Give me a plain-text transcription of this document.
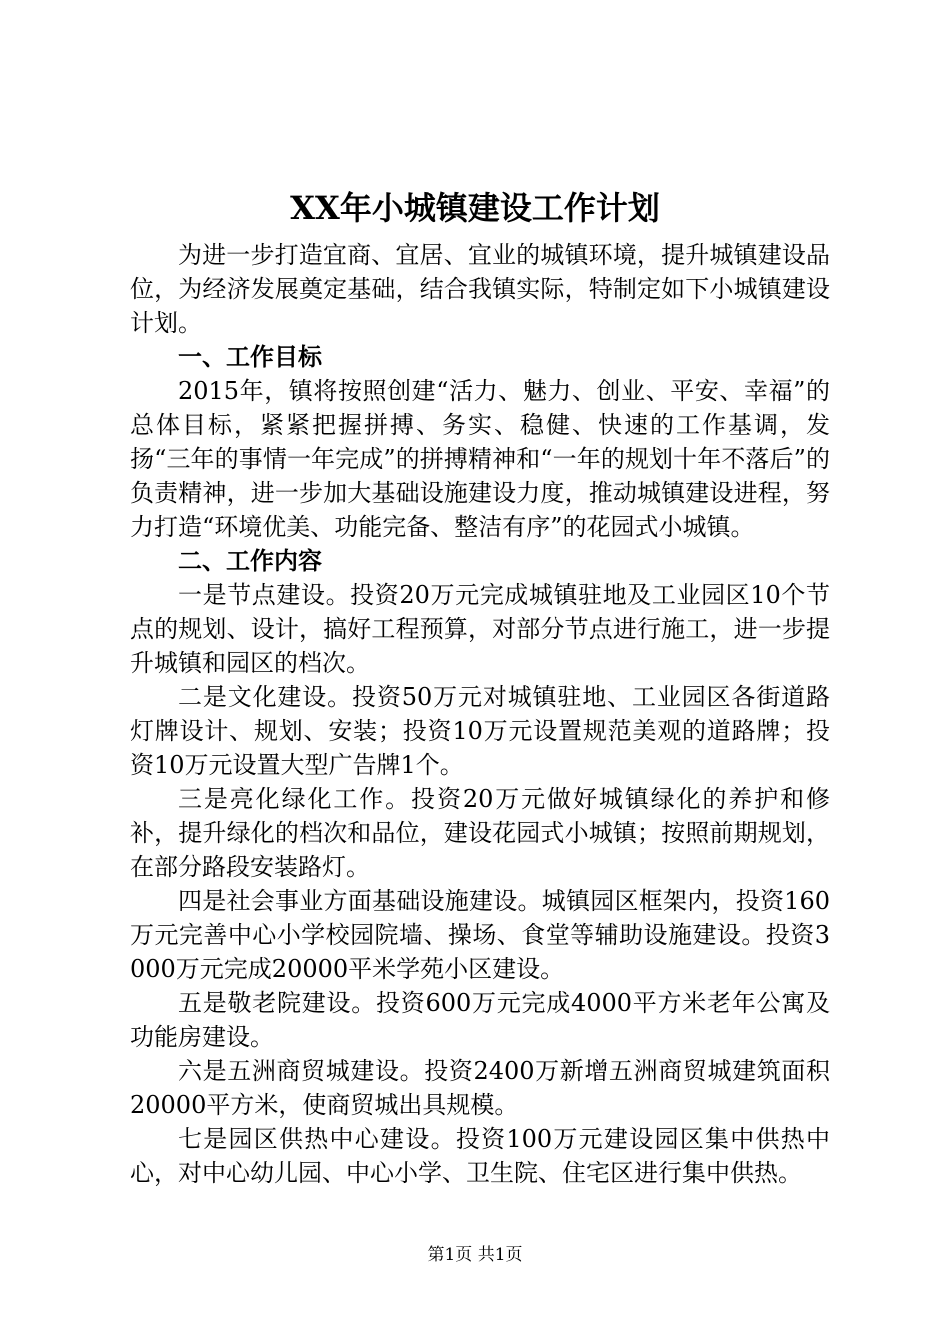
XX年小城镇建设工作计划

为进一步打造宜商、宜居、宜业的城镇环境，提升城镇建设品位，为经济发展奠定基础，结合我镇实际，特制定如下小城镇建设计划。

一、工作目标

2015年，镇将按照创建“活力、魅力、创业、平安、幸福”的总体目标，紧紧把握拼搏、务实、稳健、快速的工作基调，发扬“三年的事情一年完成”的拼搏精神和“一年的规划十年不落后”的负责精神，进一步加大基础设施建设力度，推动城镇建设进程，努力打造“环境优美、功能完备、整洁有序”的花园式小城镇。

二、工作内容

一是节点建设。投资20万元完成城镇驻地及工业园区10个节点的规划、设计，搞好工程预算，对部分节点进行施工，进一步提升城镇和园区的档次。

二是文化建设。投资50万元对城镇驻地、工业园区各街道路灯牌设计、规划、安装；投资10万元设置规范美观的道路牌；投资10万元设置大型广告牌1个。

三是亮化绿化工作。投资20万元做好城镇绿化的养护和修补，提升绿化的档次和品位，建设花园式小城镇；按照前期规划，在部分路段安装路灯。

四是社会事业方面基础设施建设。城镇园区框架内，投资160万元完善中心小学校园院墙、操场、食堂等辅助设施建设。投资3000万元完成20000平米学苑小区建设。

五是敬老院建设。投资600万元完成4000平方米老年公寓及功能房建设。

六是五洲商贸城建设。投资2400万新增五洲商贸城建筑面积20000平方米，使商贸城出具规模。

七是园区供热中心建设。投资100万元建设园区集中供热中心，对中心幼儿园、中心小学、卫生院、住宅区进行集中供热。

第1页 共1页
